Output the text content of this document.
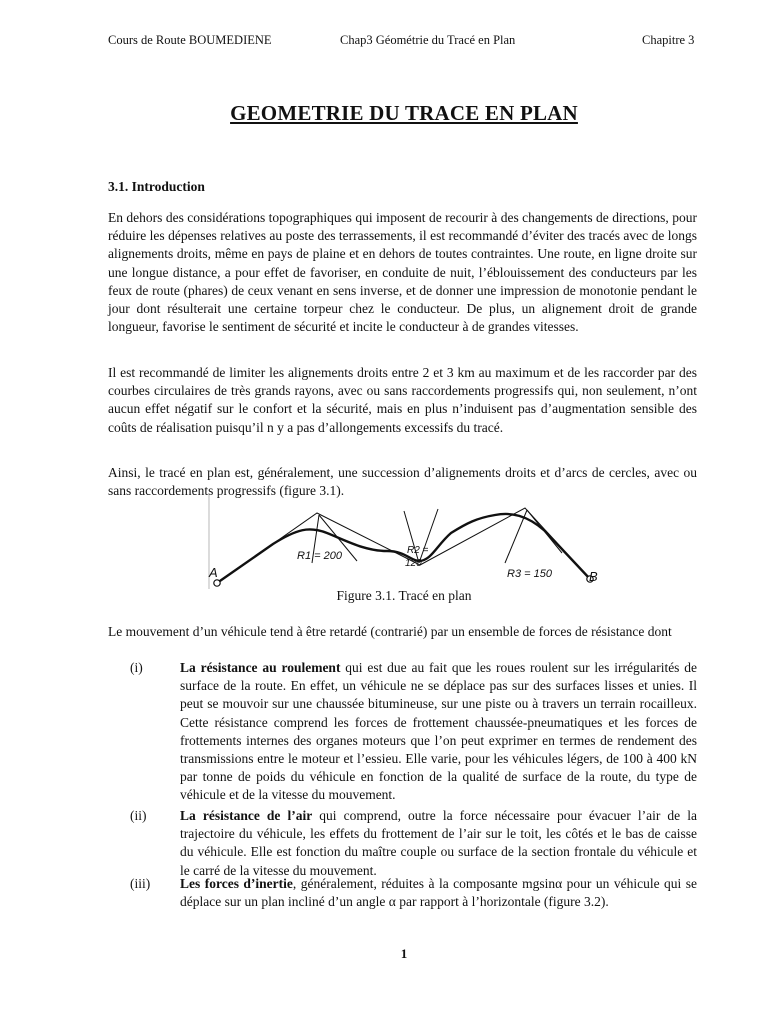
Cours de Route BOUMEDIENE	Chap3 Géométrie du Tracé en Plan	Chapitre 3
GEOMETRIE DU TRACE EN PLAN
3.1. Introduction

En dehors des considérations topographiques qui imposent de recourir à des changements de directions, pour réduire les dépenses relatives au poste des terrassements, il est recommandé d’éviter des tracés avec de longs alignements droits, même en pays de plaine et en dehors de toutes contraintes. Une route, en ligne droite sur une longue distance, a pour effet de favoriser, en conduite de nuit, l’éblouissement des conducteurs par les feux de route (phares) de ceux venant en sens inverse, et de donner une impression de monotonie pendant le jour dont résulterait une certaine torpeur chez le conducteur. De plus, un alignement droit de grande longueur, favorise le sentiment de sécurité et incite le conducteur à de grandes vitesses.

Il est recommandé de limiter les alignements droits entre 2 et 3 km au maximum et de les raccorder par des courbes circulaires de très grands rayons, avec ou sans raccordements progressifs qui, non seulement, n’ont aucun effet négatif sur le confort et la sécurité, mais en plus n’induisent pas d’augmentation sensible des coûts de réalisation puisqu’il n y a pas d’allongements excessifs du tracé.

Ainsi, le tracé en plan est, généralement, une succession d’alignements droits et d’arcs de cercles, avec ou sans raccordements progressifs (figure 3.1).

A	B
R1 = 200	R2 =
120
R3 = 150
Figure 3.1. Tracé en plan

Le mouvement d’un véhicule tend à être retardé (contrarié) par un ensemble de forces de résistance dont

(i)	La résistance au roulement qui est due au fait que les roues roulent sur les irrégularités de surface de la route. En effet, un véhicule ne se déplace pas sur des surfaces lisses et unies. Il peut se mouvoir sur une chaussée bitumineuse, sur une piste ou à travers un terrain rocailleux. Cette résistance comprend les forces de frottement chaussée-pneumatiques et les forces de frottements internes des organes moteurs que l’on peut exprimer en termes de rendement des transmissions entre le moteur et l’essieu. Elle varie, pour les véhicules légers, de 100 à 400 kN par tonne de poids du véhicule en fonction de la qualité de surface de la route, du type de véhicule et de la vitesse du mouvement.

(ii) La résistance de l’air qui comprend, outre la force nécessaire pour évacuer l’air de la trajectoire du véhicule, les effets du frottement de l’air sur le toit, les côtés et le bas de caisse du véhicule. Elle est fonction du maître couple ou surface de la section frontale du véhicule et le carré de la vitesse du mouvement.

(iii) Les forces d’inertie, généralement, réduites à la composante mgsinα pour un véhicule qui se déplace sur un plan incliné d’un angle α par rapport à l’horizontale (figure 3.2).

1
